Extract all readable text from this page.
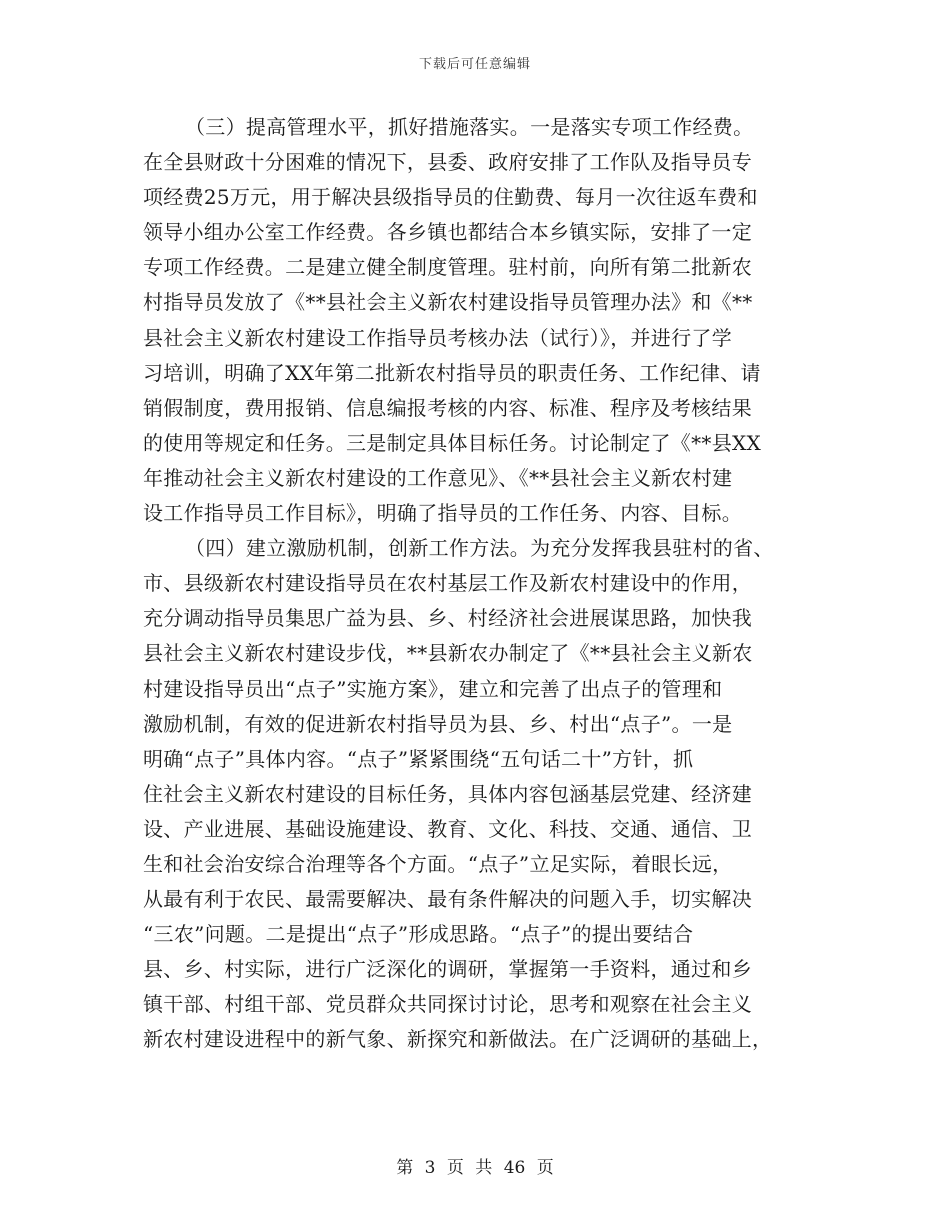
下载后可任意编辑
（三）提高管理水平，抓好措施落实。一是落实专项工作经费。
在全县财政十分困难的情况下，县委、政府安排了工作队及指导员专
项经费25万元，用于解决县级指导员的住勤费、每月一次往返车费和
领导小组办公室工作经费。各乡镇也都结合本乡镇实际，安排了一定
专项工作经费。二是建立健全制度管理。驻村前，向所有第二批新农
村指导员发放了《**县社会主义新农村建设指导员管理办法》和《**
县社会主义新农村建设工作指导员考核办法（试行）》，并进行了学
习培训，明确了XX年第二批新农村指导员的职责任务、工作纪律、请
销假制度，费用报销、信息编报考核的内容、标准、程序及考核结果
的使用等规定和任务。三是制定具体目标任务。讨论制定了《**县XX
年推动社会主义新农村建设的工作意见》、《**县社会主义新农村建
设工作指导员工作目标》，明确了指导员的工作任务、内容、目标。
（四）建立激励机制，创新工作方法。为充分发挥我县驻村的省、
市、县级新农村建设指导员在农村基层工作及新农村建设中的作用，
充分调动指导员集思广益为县、乡、村经济社会进展谋思路，加快我
县社会主义新农村建设步伐，**县新农办制定了《**县社会主义新农
村建设指导员出“点子”实施方案》，建立和完善了出点子的管理和
激励机制，有效的促进新农村指导员为县、乡、村出“点子”。一是
明确“点子”具体内容。“点子”紧紧围绕“五句话二十”方针，抓
住社会主义新农村建设的目标任务，具体内容包涵基层党建、经济建
设、产业进展、基础设施建设、教育、文化、科技、交通、通信、卫
生和社会治安综合治理等各个方面。“点子”立足实际，着眼长远，
从最有利于农民、最需要解决、最有条件解决的问题入手，切实解决
“三农”问题。二是提出“点子”形成思路。“点子”的提出要结合
县、乡、村实际，进行广泛深化的调研，掌握第一手资料，通过和乡
镇干部、村组干部、党员群众共同探讨讨论，思考和观察在社会主义
新农村建设进程中的新气象、新探究和新做法。在广泛调研的基础上，
第 3 页 共 46 页
